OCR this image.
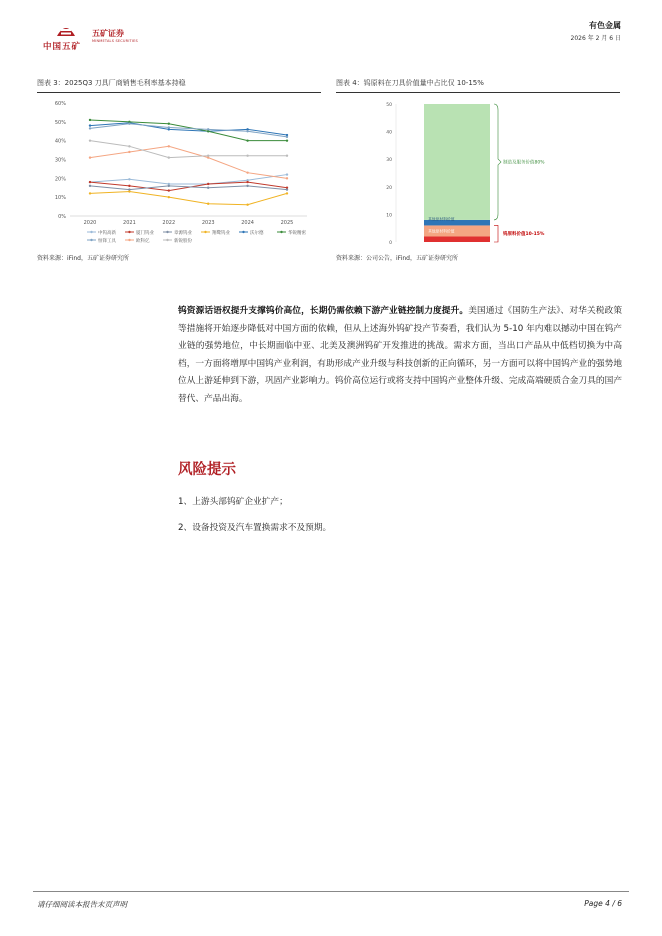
中国五矿
五矿证券
MINMETALS SECURITIES
有色金属
2026 年 2 月 6 日
图表 3：2025Q3 刀具厂商销售毛利率基本持稳
0%
10%
20%
30%
40%
50%
60%
2020	2021	2022	2023	2024	2025
中钨高新	厦门钨业	章源钨业	翔鹭钨业	沃尔德	华锐精密
恒锋工具	欧科亿	新锐股份
资料来源：iFind，五矿证券研究所
图表 4：钨原料在刀具价值量中占比仅 10-15%
0
10
20
30
40
50
其他原材料价值
其他原材料价值
制造及服务价值80%
钨原料价值10-15%
资料来源：公司公告，iFind，五矿证券研究所
钨资源话语权提升支撑钨价高位，长期仍需依赖下游产业链控制力度提升。美国通过《国防生产法》、对华关税政策等措施将开始逐步降低对中国方面的依赖，但从上述海外钨矿投产节奏看，我们认为 5-10 年内难以撼动中国在钨产业链的强势地位，中长期面临中亚、北美及澳洲钨矿开发推进的挑战。需求方面，当出口产品从中低档切换为中高档，一方面将增厚中国钨产业利润，有助形成产业升级与科技创新的正向循环，另一方面可以将中国钨产业的强势地位从上游延伸到下游，巩固产业影响力。钨价高位运行或将支持中国钨产业整体升级、完成高端硬质合金刀具的国产替代、产品出海。
风险提示
1、上游头部钨矿企业扩产；
2、设备投资及汽车置换需求不及预期。
请仔细阅读本报告末页声明	Page 4 / 6
